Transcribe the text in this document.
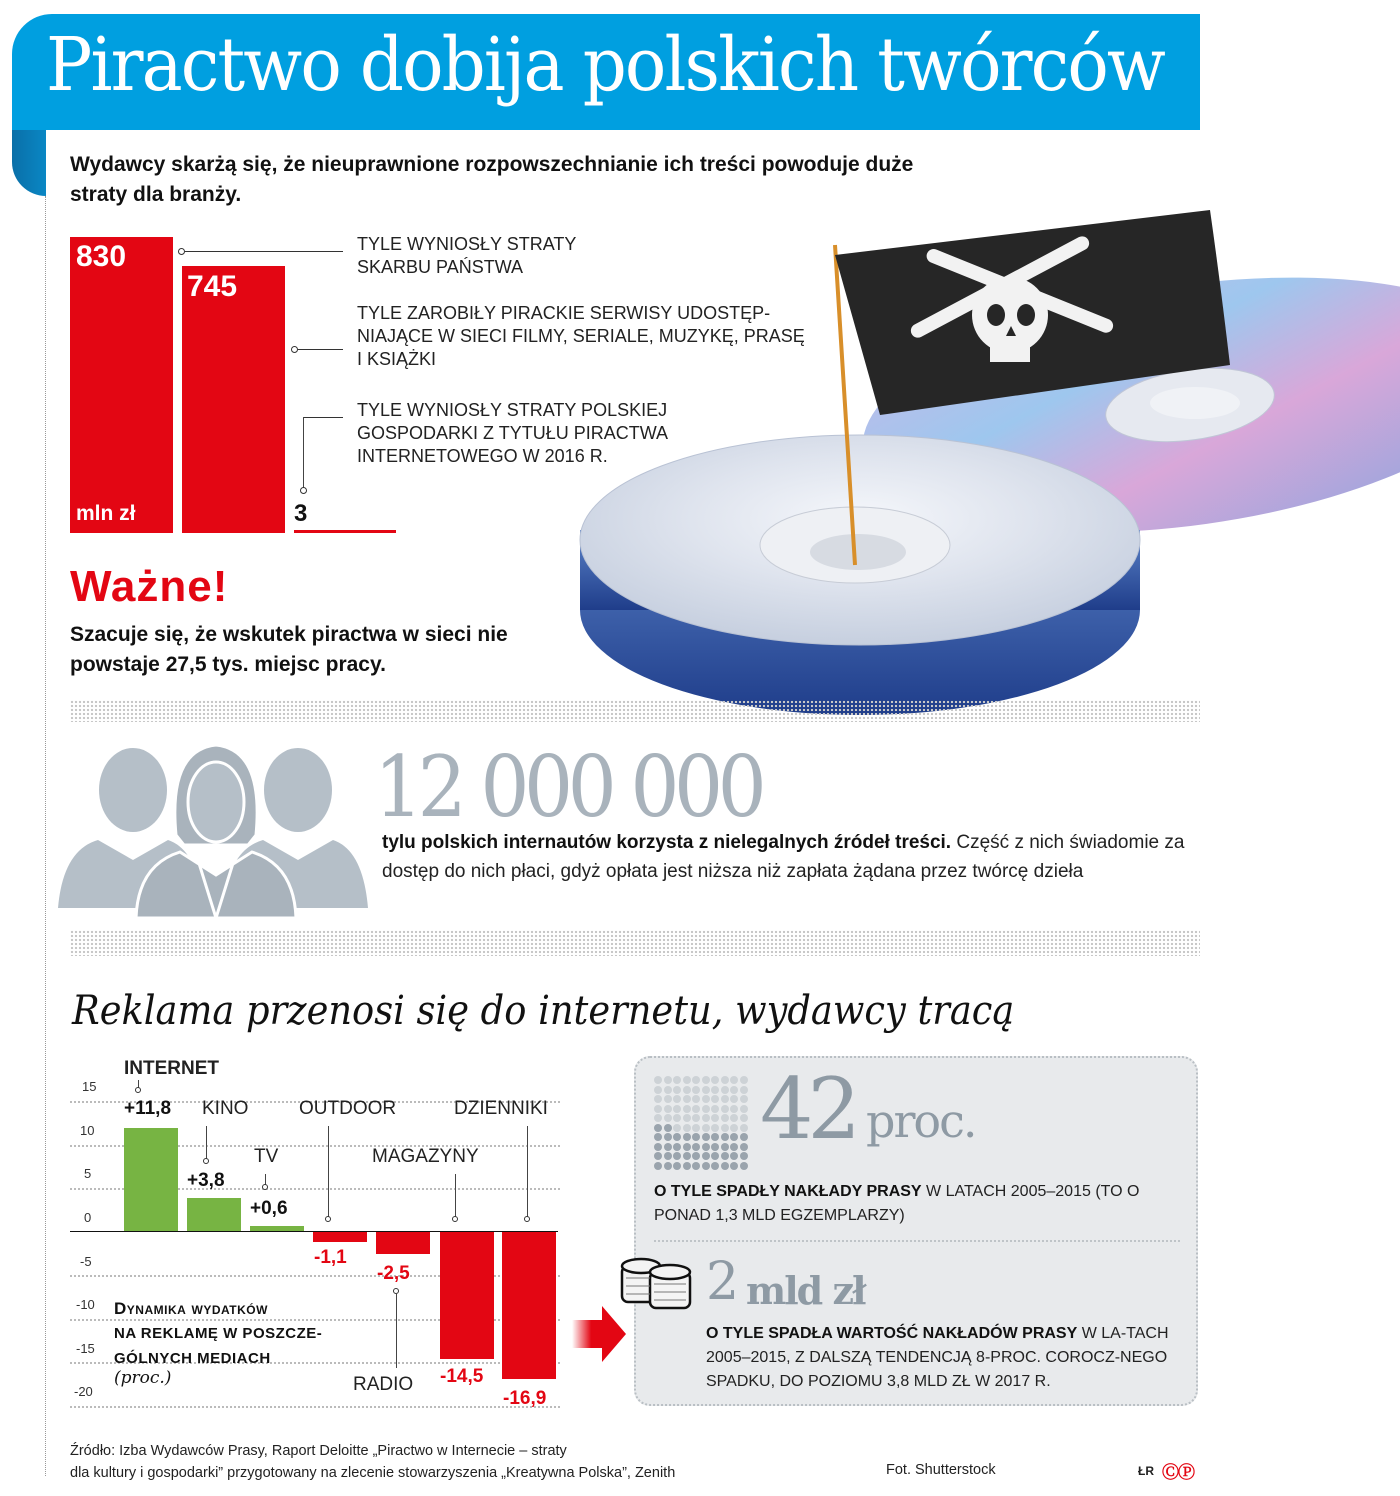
Piractwo dobija polskich twórców
Wydawcy skarżą się, że nieuprawnione rozpowszechnianie ich treści powoduje duże straty dla branży.
830
mln zł
745
3
TYLE WYNIOSŁY STRATY SKARBU PAŃSTWA
TYLE ZAROBIŁY PIRACKIE SERWISY UDOSTĘP-NIAJĄCE W SIECI FILMY, SERIALE, MUZYKĘ, PRASĘ I KSIĄŻKI
TYLE WYNIOSŁY STRATY POLSKIEJ GOSPODARKI Z TYTUŁU PIRACTWA INTERNETOWEGO W 2016 R.
Ważne!
Szacuje się, że wskutek piractwa w sieci nie powstaje 27,5 tys. miejsc pracy.
12 000 000
tylu polskich internautów korzysta z nielegalnych źródeł treści. Część z nich świadomie za dostęp do nich płaci, gdyż opłata jest niższa niż zapłata żądana przez twórcę dzieła
Reklama przenosi się do internetu, wydawcy tracą
15
10
5
0
-5
-10
-15
-20
INTERNET
+11,8 KINO
+3,8
TV
+0,6
OUTDOOR
-1,1
MAGAZYNY
-14,5
DZIENNIKI
-16,9
-2,5
RADIO
Dynamika wydatków
NA REKLAMĘ W POSZCZE-
GÓLNYCH MEDIACH
(proc.)
42 proc.
O TYLE SPADŁY NAKŁADY PRASY W LATACH 2005–2015 (TO O PONAD 1,3 MLD EGZEMPLARZY)
2 mld zł
O TYLE SPADŁA WARTOŚĆ NAKŁADÓW PRASY W LA-TACH 2005–2015, Z DALSZĄ TENDENCJĄ 8-PROC. COROCZ-NEGO SPADKU, DO POZIOMU 3,8 MLD ZŁ W 2017 R.
Źródło: Izba Wydawców Prasy, Raport Deloitte „Piractwo w Internecie – straty
dla kultury i gospodarki” przygotowany na zlecenie stowarzyszenia „Kreatywna Polska”, Zenith	Fot. Shutterstock	ŁR ⒸⓅ
